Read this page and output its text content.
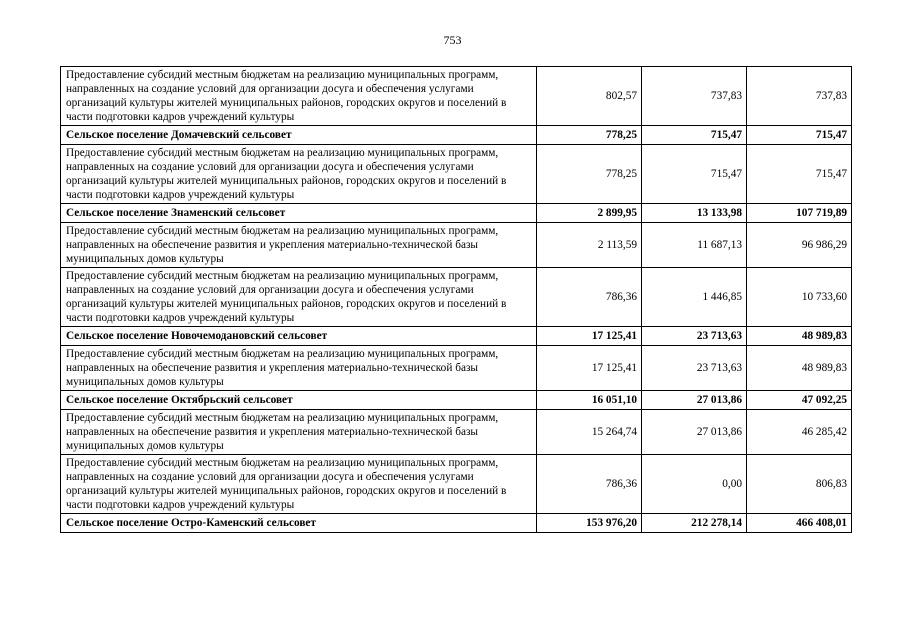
753
Предоставление субсидий местным бюджетам на реализацию муниципальных программ, направленных на создание условий для организации досуга и обеспечения услугами организаций культуры жителей муниципальных районов, городских округов и поселений в части подготовки кадров учреждений культуры	802,57	737,83	737,83
Сельское поселение Домачевский сельсовет	778,25	715,47	715,47
Предоставление субсидий местным бюджетам на реализацию муниципальных программ, направленных на создание условий для организации досуга и обеспечения услугами организаций культуры жителей муниципальных районов, городских округов и поселений в части подготовки кадров учреждений культуры	778,25	715,47	715,47
Сельское поселение Знаменский сельсовет	2 899,95	13 133,98	107 719,89
Предоставление субсидий местным бюджетам на реализацию муниципальных программ, направленных на обеспечение развития и укрепления материально-технической базы муниципальных домов культуры	2 113,59	11 687,13	96 986,29
Предоставление субсидий местным бюджетам на реализацию муниципальных программ, направленных на создание условий для организации досуга и обеспечения услугами организаций культуры жителей муниципальных районов, городских округов и поселений в части подготовки кадров учреждений культуры	786,36	1 446,85	10 733,60
Сельское поселение Новочемодановский сельсовет	17 125,41	23 713,63	48 989,83
Предоставление субсидий местным бюджетам на реализацию муниципальных программ, направленных на обеспечение развития и укрепления материально-технической базы муниципальных домов культуры	17 125,41	23 713,63	48 989,83
Сельское поселение Октябрьский сельсовет	16 051,10	27 013,86	47 092,25
Предоставление субсидий местным бюджетам на реализацию муниципальных программ, направленных на обеспечение развития и укрепления материально-технической базы муниципальных домов культуры	15 264,74	27 013,86	46 285,42
Предоставление субсидий местным бюджетам на реализацию муниципальных программ, направленных на создание условий для организации досуга и обеспечения услугами организаций культуры жителей муниципальных районов, городских округов и поселений в части подготовки кадров учреждений культуры	786,36	0,00	806,83
Сельское поселение Остро-Каменский сельсовет	153 976,20	212 278,14	466 408,01
